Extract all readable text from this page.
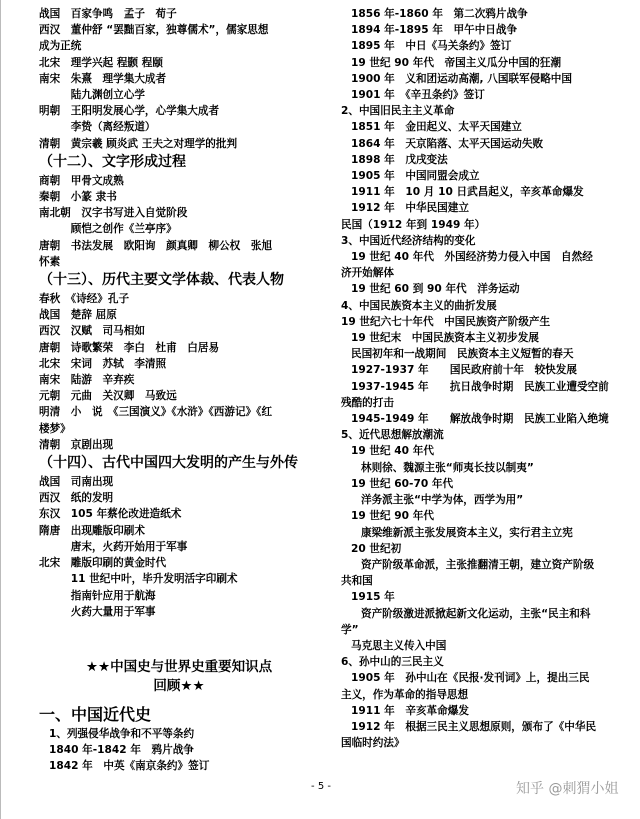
战国　百家争鸣　孟子　荀子
西汉　董仲舒 “罢黜百家，独尊儒术”，儒家思想
成为正统
北宋　理学兴起 程颢 程颐
南宋　朱熹　理学集大成者
　　　陆九渊创立心学
明朝　王阳明发展心学，心学集大成者
　　　李贽（离经叛道）
清朝　黄宗羲 顾炎武 王夫之对理学的批判
（十二）、文字形成过程
商朝　甲骨文成熟
秦朝　小篆 隶书
南北朝　汉字书写进入自觉阶段
　　　顾恺之创作《兰亭序》
唐朝　书法发展　欧阳询　颜真卿　柳公权　张旭
怀素
（十三）、历代主要文学体裁、代表人物
春秋　《诗经》孔子
战国　楚辞 屈原
西汉　汉赋　司马相如
唐朝　诗歌繁荣　李白　杜甫　白居易
北宋　宋词　苏轼　李清照
南宋　陆游　辛弃疾
元朝　元曲　关汉卿　马致远
明清　小　说　《三国演义》《水浒》《西游记》《红
楼梦》
清朝　京剧出现
（十四）、古代中国四大发明的产生与外传
战国　司南出现
西汉　纸的发明
东汉　105 年蔡伦改进造纸术
隋唐　出现雕版印刷术
　　　唐末，火药开始用于军事
北宋　雕版印刷的黄金时代
　　　11 世纪中叶，毕升发明活字印刷术
　　　指南针应用于航海
　　　火药大量用于军事
★★中国史与世界史重要知识点
回顾★★
一、中国近代史
1、列强侵华战争和不平等条约
1840 年-1842 年　鸦片战争
1842 年　中英《南京条约》签订
1856 年-1860 年　第二次鸦片战争
1894 年-1895 年　甲午中日战争
1895 年　中日《马关条约》签订
19 世纪 90 年代　帝国主义瓜分中国的狂潮
1900 年　义和团运动高潮, 八国联军侵略中国
1901 年　《辛丑条约》签订
2、中国旧民主主义革命
1851 年　金田起义、太平天国建立
1864 年　天京陷落、太平天国运动失败
1898 年　戊戌变法
1905 年　中国同盟会成立
1911 年　10 月 10 日武昌起义，辛亥革命爆发
1912 年　中华民国建立
民国（1912 年到 1949 年）
3、中国近代经济结构的变化
19 世纪 40 年代　外国经济势力侵入中国　自然经
济开始解体
19 世纪 60 到 90 年代　洋务运动
4、中国民族资本主义的曲折发展
19 世纪六七十年代　中国民族资产阶级产生
19 世纪末　中国民族资本主义初步发展
民国初年和一战期间　民族资本主义短暂的春天
1927-1937 年　　国民政府前十年　较快发展
1937-1945 年　　抗日战争时期　民族工业遭受空前
残酷的打击
1945-1949 年　　解放战争时期　民族工业陷入绝境
5、近代思想解放潮流
19 世纪 40 年代
林则徐、魏源主张“师夷长技以制夷”
19 世纪 60-70 年代
洋务派主张“中学为体，西学为用”
19 世纪 90 年代
康梁维新派主张发展资本主义，实行君主立宪
20 世纪初
资产阶级革命派，主张推翻清王朝，建立资产阶级
共和国
1915 年
资产阶级激进派掀起新文化运动，主张“民主和科
学”
马克思主义传入中国
6、孙中山的三民主义
1905 年　孙中山在《民报·发刊词》上，提出三民
主义，作为革命的指导思想
1911 年　辛亥革命爆发
1912 年　根据三民主义思想原则，颁布了《中华民
国临时约法》
- 5 -	知乎 @刺猬小姐
